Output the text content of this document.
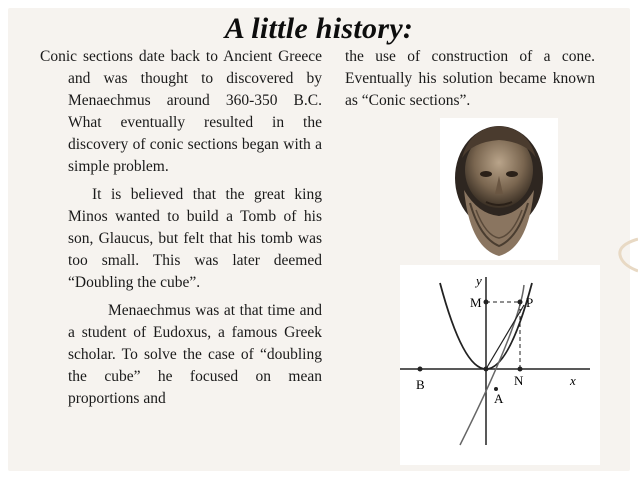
A little history:

Conic sections date back to Ancient Greece and was thought to discovered by Menaechmus around 360-350 B.C. What eventually resulted in the discovery of conic sections began with a simple problem.

It is believed that the great king Minos wanted to build a Tomb of his son, Glaucus, but felt that his tomb was too small. This was later deemed “Doubling the cube”.

Menaechmus was at that time and a student of Eudoxus, a famous Greek scholar. To solve the case of “doubling the cube” he focused on mean proportions and

the use of construction of a cone. Eventually his solution became known as “Conic sections”.

y
M	P
B	N	x
A
